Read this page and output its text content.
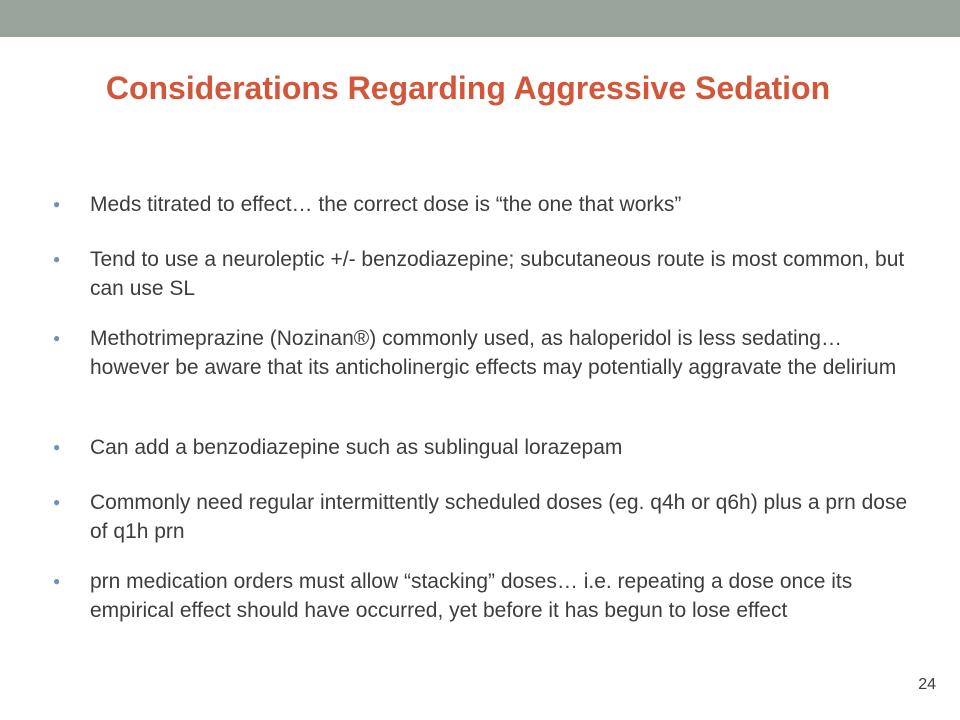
Considerations Regarding Aggressive Sedation
● Meds titrated to effect… the correct dose is “the one that works”
● Tend to use a neuroleptic +/- benzodiazepine; subcutaneous route is most common, but can use SL
● Methotrimeprazine (Nozinan®) commonly used, as haloperidol is less sedating… however be aware that its anticholinergic effects may potentially aggravate the delirium
● Can add a benzodiazepine such as sublingual lorazepam
● Commonly need regular intermittently scheduled doses (eg. q4h or q6h) plus a prn dose of q1h prn
● prn medication orders must allow “stacking” doses… i.e. repeating a dose once its empirical effect should have occurred, yet before it has begun to lose effect
24
